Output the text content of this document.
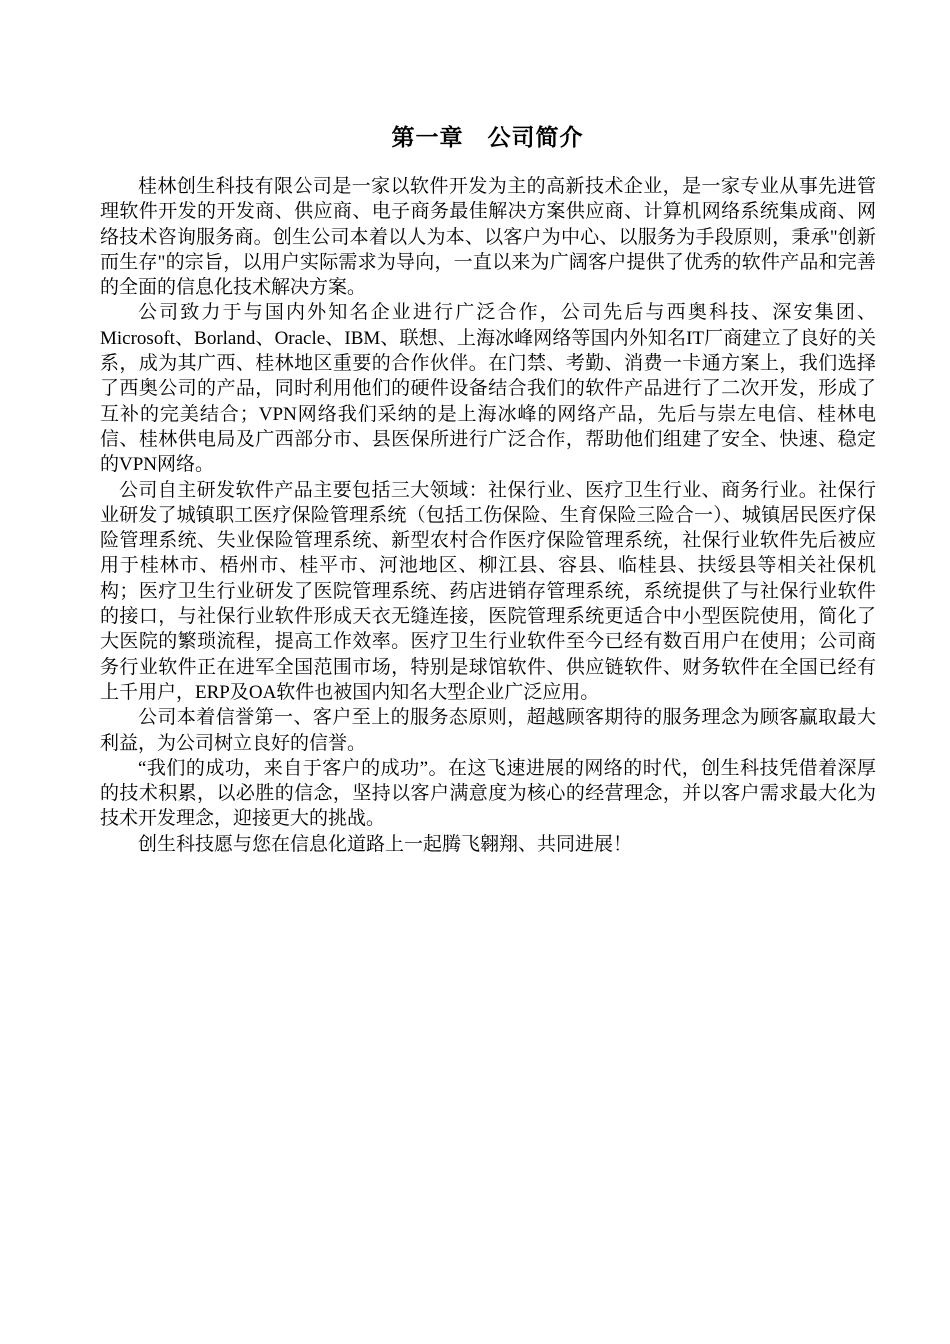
第一章　公司简介

桂林创生科技有限公司是一家以软件开发为主的高新技术企业，是一家专业从事先进管理软件开发的开发商、供应商、电子商务最佳解决方案供应商、计算机网络系统集成商、网络技术咨询服务商。创生公司本着以人为本、以客户为中心、以服务为手段原则，秉承"创新而生存"的宗旨，以用户实际需求为导向，一直以来为广阔客户提供了优秀的软件产品和完善的全面的信息化技术解决方案。

公司致力于与国内外知名企业进行广泛合作，公司先后与西奥科技、深安集团、Microsoft、Borland、Oracle、IBM、联想、上海冰峰网络等国内外知名IT厂商建立了良好的关系，成为其广西、桂林地区重要的合作伙伴。在门禁、考勤、消费一卡通方案上，我们选择了西奥公司的产品，同时利用他们的硬件设备结合我们的软件产品进行了二次开发，形成了互补的完美结合；VPN网络我们采纳的是上海冰峰的网络产品，先后与崇左电信、桂林电信、桂林供电局及广西部分市、县医保所进行广泛合作，帮助他们组建了安全、快速、稳定的VPN网络。

公司自主研发软件产品主要包括三大领域：社保行业、医疗卫生行业、商务行业。社保行业研发了城镇职工医疗保险管理系统（包括工伤保险、生育保险三险合一）、城镇居民医疗保险管理系统、失业保险管理系统、新型农村合作医疗保险管理系统，社保行业软件先后被应用于桂林市、梧州市、桂平市、河池地区、柳江县、容县、临桂县、扶绥县等相关社保机构；医疗卫生行业研发了医院管理系统、药店进销存管理系统，系统提供了与社保行业软件的接口，与社保行业软件形成天衣无缝连接，医院管理系统更适合中小型医院使用，简化了大医院的繁琐流程，提高工作效率。医疗卫生行业软件至今已经有数百用户在使用；公司商务行业软件正在进军全国范围市场，特别是球馆软件、供应链软件、财务软件在全国已经有上千用户，ERP及OA软件也被国内知名大型企业广泛应用。

公司本着信誉第一、客户至上的服务态原则，超越顾客期待的服务理念为顾客赢取最大利益，为公司树立良好的信誉。

“我们的成功，来自于客户的成功”。在这飞速进展的网络的时代，创生科技凭借着深厚的技术积累，以必胜的信念，坚持以客户满意度为核心的经营理念，并以客户需求最大化为技术开发理念，迎接更大的挑战。

创生科技愿与您在信息化道路上一起腾飞翱翔、共同进展！
